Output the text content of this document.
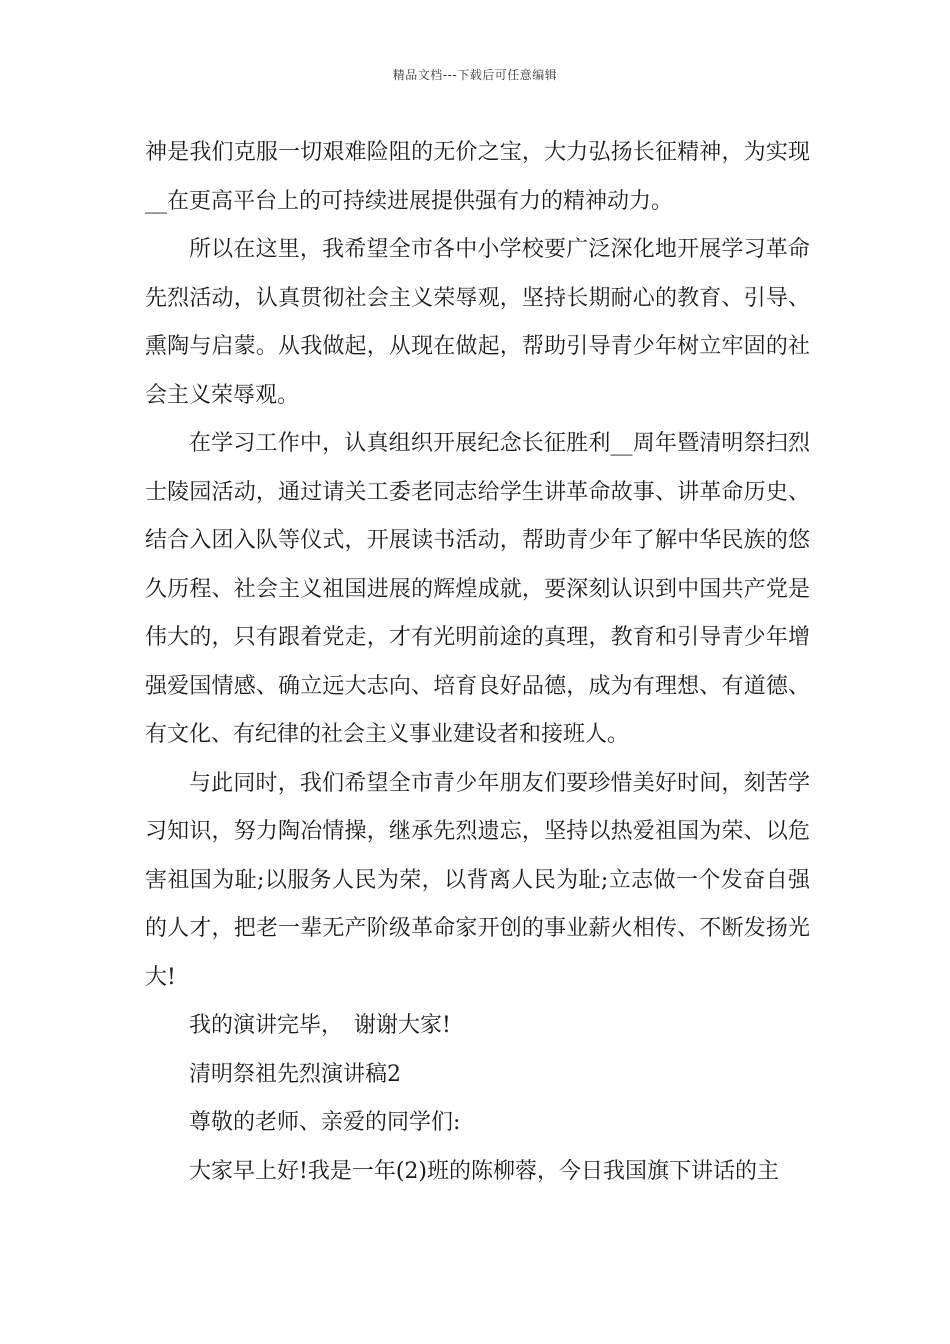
精品文档---下载后可任意编辑

神是我们克服一切艰难险阻的无价之宝，大力弘扬长征精神，为实现__在更高平台上的可持续进展提供强有力的精神动力。

所以在这里，我希望全市各中小学校要广泛深化地开展学习革命先烈活动，认真贯彻社会主义荣辱观，坚持长期耐心的教育、引导、熏陶与启蒙。从我做起，从现在做起，帮助引导青少年树立牢固的社会主义荣辱观。

在学习工作中，认真组织开展纪念长征胜利__周年暨清明祭扫烈士陵园活动，通过请关工委老同志给学生讲革命故事、讲革命历史、结合入团入队等仪式，开展读书活动，帮助青少年了解中华民族的悠久历程、社会主义祖国进展的辉煌成就，要深刻认识到中国共产党是伟大的，只有跟着党走，才有光明前途的真理，教育和引导青少年增强爱国情感、确立远大志向、培育良好品德，成为有理想、有道德、有文化、有纪律的社会主义事业建设者和接班人。

与此同时，我们希望全市青少年朋友们要珍惜美好时间，刻苦学习知识，努力陶冶情操，继承先烈遗忘，坚持以热爱祖国为荣、以危害祖国为耻;以服务人民为荣，以背离人民为耻;立志做一个发奋自强的人才，把老一辈无产阶级革命家开创的事业薪火相传、不断发扬光大!

我的演讲完毕，　谢谢大家!

清明祭祖先烈演讲稿2

尊敬的老师、亲爱的同学们:

大家早上好!我是一年(2)班的陈柳蓉，今日我国旗下讲话的主
